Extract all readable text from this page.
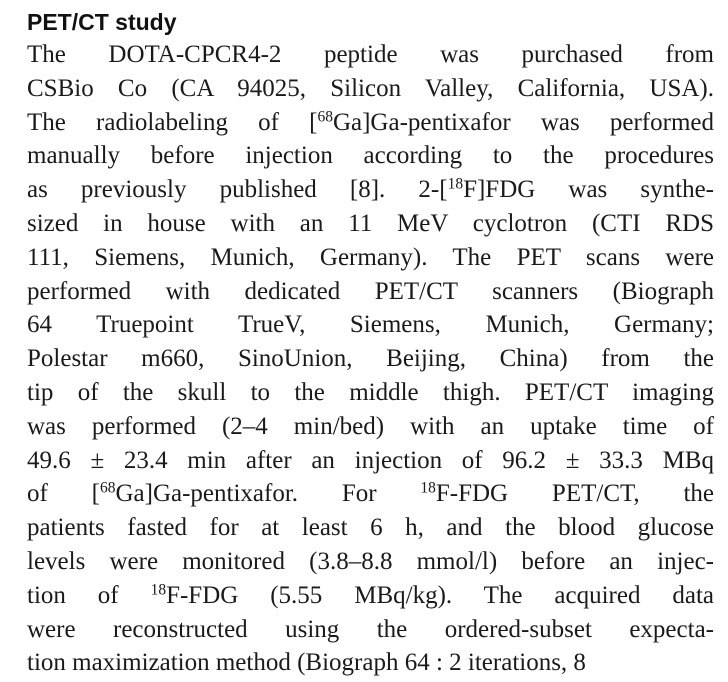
PET/CT study
The DOTA-CPCR4-2 peptide was purchased from
CSBio Co (CA 94025, Silicon Valley, California, USA).
The radiolabeling of [$^{68}$Ga]Ga-pentixafor was performed
manually before injection according to the procedures
as previously published [8]. 2-[$^{18}$F]FDG was synthe-
sized in house with an 11 MeV cyclotron (CTI RDS
111, Siemens, Munich, Germany). The PET scans were
performed with dedicated PET/CT scanners (Biograph
64 Truepoint TrueV, Siemens, Munich, Germany;
Polestar m660, SinoUnion, Beijing, China) from the
tip of the skull to the middle thigh. PET/CT imaging
was performed (2–4 min/bed) with an uptake time of
49.6 ± 23.4 min after an injection of 96.2 ± 33.3 MBq
of [$^{68}$Ga]Ga-pentixafor. For $^{18}$F-FDG PET/CT, the
patients fasted for at least 6 h, and the blood glucose
levels were monitored (3.8–8.8 mmol/l) before an injec-
tion of $^{18}$F-FDG (5.55 MBq/kg). The acquired data
were reconstructed using the ordered-subset expecta-
tion maximization method (Biograph 64 : 2 iterations, 8
